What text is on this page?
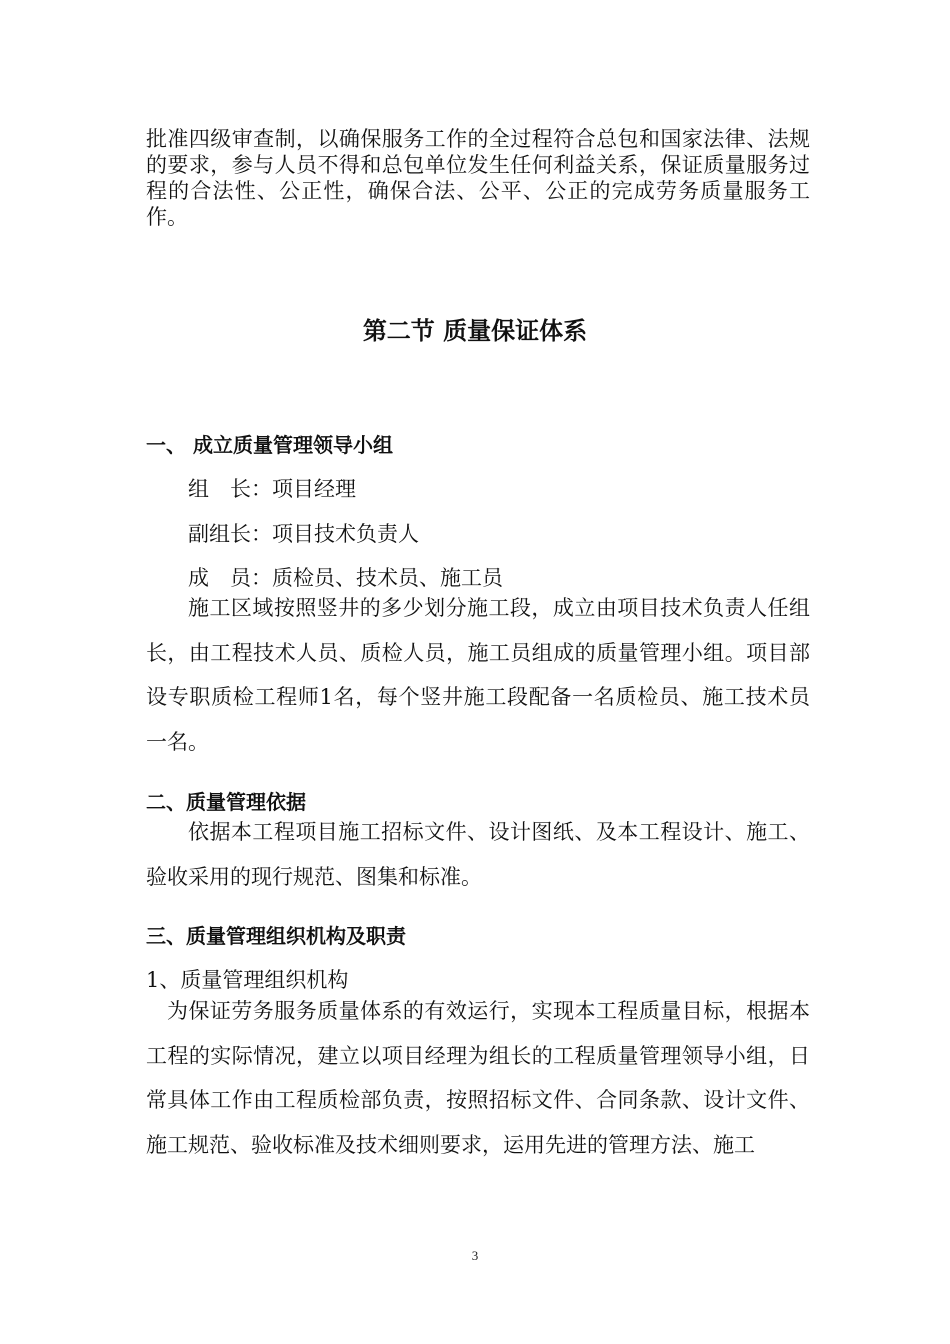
批准四级审查制，以确保服务工作的全过程符合总包和国家法律、法规的要求，参与人员不得和总包单位发生任何利益关系，保证质量服务过程的合法性、公正性，确保合法、公平、公正的完成劳务质量服务工作。

第二节 质量保证体系
一、 成立质量管理领导小组
组　长：项目经理
副组长：项目技术负责人
成　员：质检员、技术员、施工员

施工区域按照竖井的多少划分施工段，成立由项目技术负责人任组长，由工程技术人员、质检人员，施工员组成的质量管理小组。项目部设专职质检工程师1名，每个竖井施工段配备一名质检员、施工技术员一名。

二、质量管理依据

依据本工程项目施工招标文件、设计图纸、及本工程设计、施工、验收采用的现行规范、图集和标准。

三、质量管理组织机构及职责
1、质量管理组织机构

为保证劳务服务质量体系的有效运行，实现本工程质量目标，根据本工程的实际情况，建立以项目经理为组长的工程质量管理领导小组，日常具体工作由工程质检部负责，按照招标文件、合同条款、设计文件、施工规范、验收标准及技术细则要求，运用先进的管理方法、施工

3
